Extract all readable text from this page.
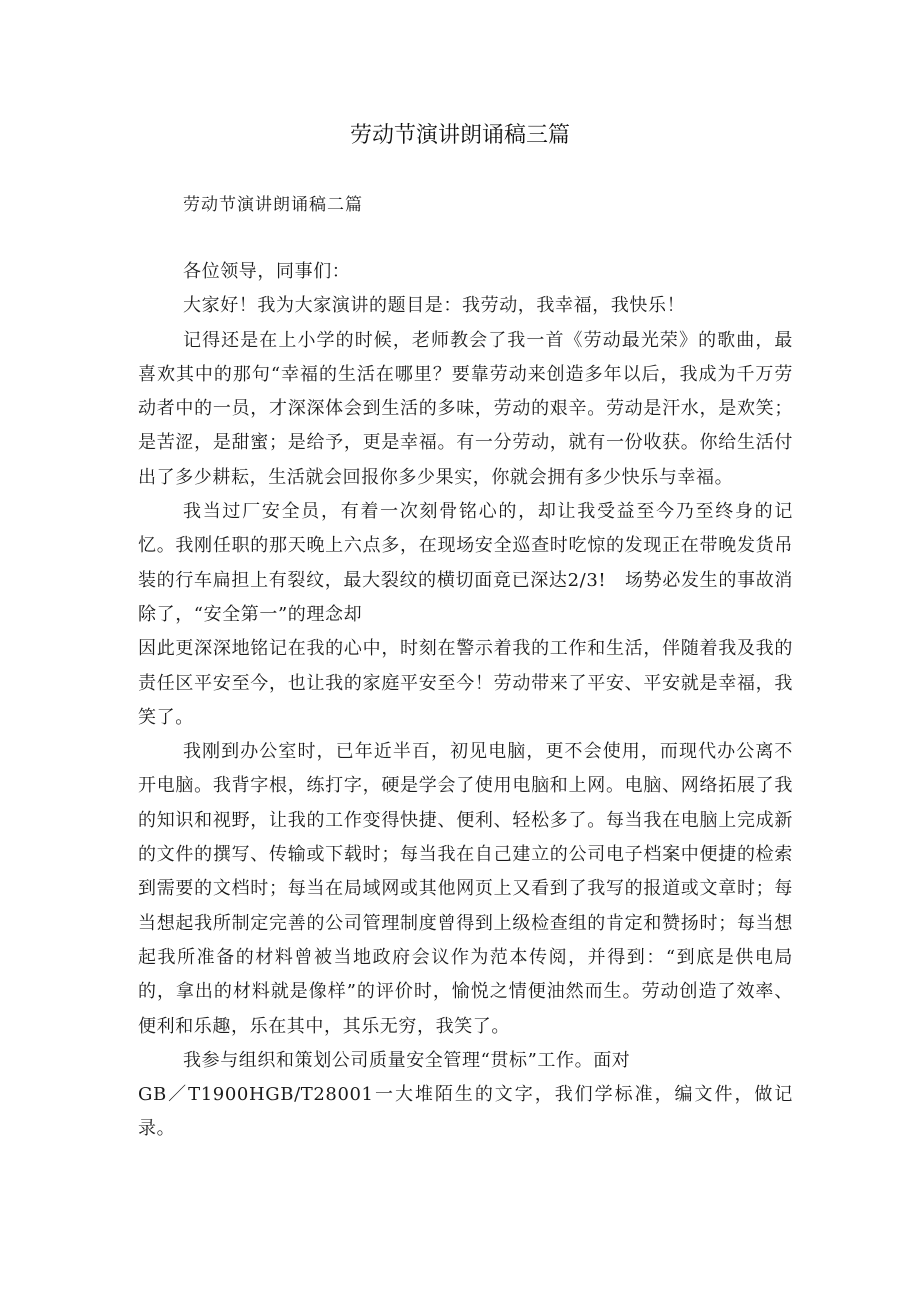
劳动节演讲朗诵稿三篇
劳动节演讲朗诵稿二篇

各位领导，同事们：

大家好！我为大家演讲的题目是：我劳动，我幸福，我快乐！

记得还是在上小学的时候，老师教会了我一首《劳动最光荣》的歌曲，最喜欢其中的那句“幸福的生活在哪里？要靠劳动来创造多年以后，我成为千万劳动者中的一员，才深深体会到生活的多味，劳动的艰辛。劳动是汗水，是欢笑；是苦涩，是甜蜜；是给予，更是幸福。有一分劳动，就有一份收获。你给生活付出了多少耕耘，生活就会回报你多少果实，你就会拥有多少快乐与幸福。

我当过厂安全员，有着一次刻骨铭心的，却让我受益至今乃至终身的记忆。我刚任职的那天晚上六点多，在现场安全巡查时吃惊的发现正在带晚发货吊装的行车扁担上有裂纹，最大裂纹的横切面竟已深达2/3!　场势必发生的事故消除了，“安全第一”的理念却

因此更深深地铭记在我的心中，时刻在警示着我的工作和生活，伴随着我及我的责任区平安至今，也让我的家庭平安至今！劳动带来了平安、平安就是幸福，我笑了。

我刚到办公室时，已年近半百，初见电脑，更不会使用，而现代办公离不开电脑。我背字根，练打字，硬是学会了使用电脑和上网。电脑、网络拓展了我的知识和视野，让我的工作变得快捷、便利、轻松多了。每当我在电脑上完成新的文件的撰写、传输或下载时；每当我在自己建立的公司电子档案中便捷的检索到需要的文档时；每当在局域网或其他网页上又看到了我写的报道或文章时；每当想起我所制定完善的公司管理制度曾得到上级检查组的肯定和赞扬时；每当想起我所准备的材料曾被当地政府会议作为范本传阅，并得到：“到底是供电局的，拿出的材料就是像样”的评价时，愉悦之情便油然而生。劳动创造了效率、便利和乐趣，乐在其中，其乐无穷，我笑了。

我参与组织和策划公司质量安全管理“贯标”工作。面对

GB／T1900HGB/T28001一大堆陌生的文字，我们学标准，编文件，做记录。
